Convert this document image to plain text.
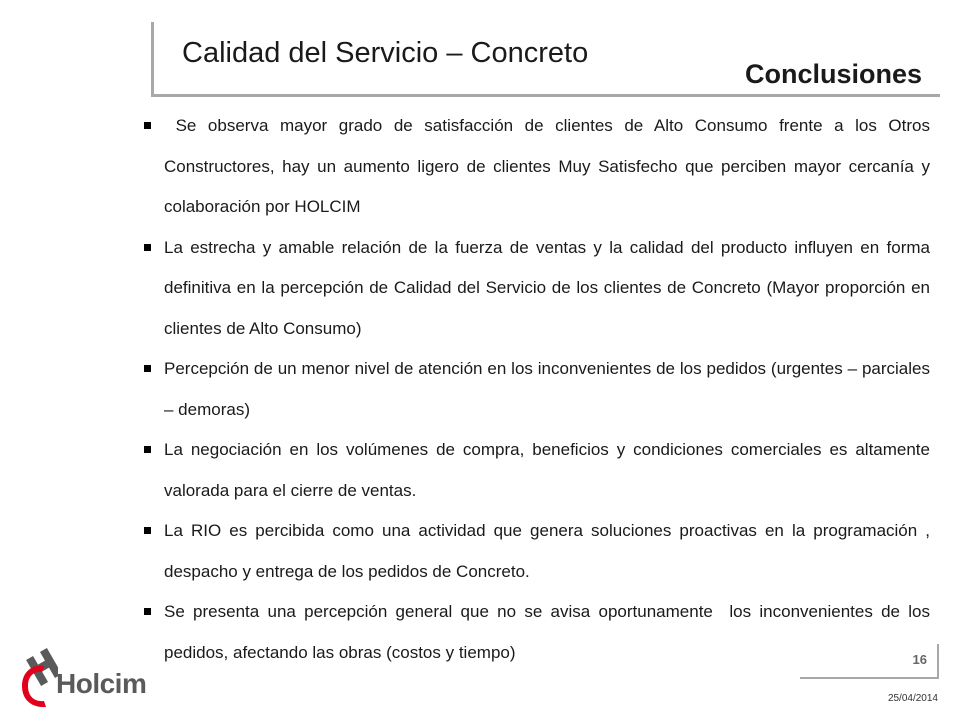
Calidad del Servicio – Concreto
Conclusiones
Se observa mayor grado de satisfacción de clientes de Alto Consumo frente a los Otros Constructores, hay un aumento ligero de clientes Muy Satisfecho que perciben mayor cercanía y colaboración por HOLCIM
La estrecha y amable relación de la fuerza de ventas y la calidad del producto influyen en forma definitiva en la percepción de Calidad del Servicio de los clientes de Concreto (Mayor proporción en clientes de Alto Consumo)
Percepción de un menor nivel de atención en los inconvenientes de los pedidos (urgentes – parciales – demoras)
La negociación en los volúmenes de compra, beneficios y condiciones comerciales es altamente valorada para el cierre de ventas.
La RIO es percibida como una actividad que genera soluciones proactivas en la programación , despacho y entrega de los pedidos de Concreto.
Se presenta una percepción general que no se avisa oportunamente  los inconvenientes de los pedidos, afectando las obras (costos y tiempo)
Holcim
16
25/04/2014
